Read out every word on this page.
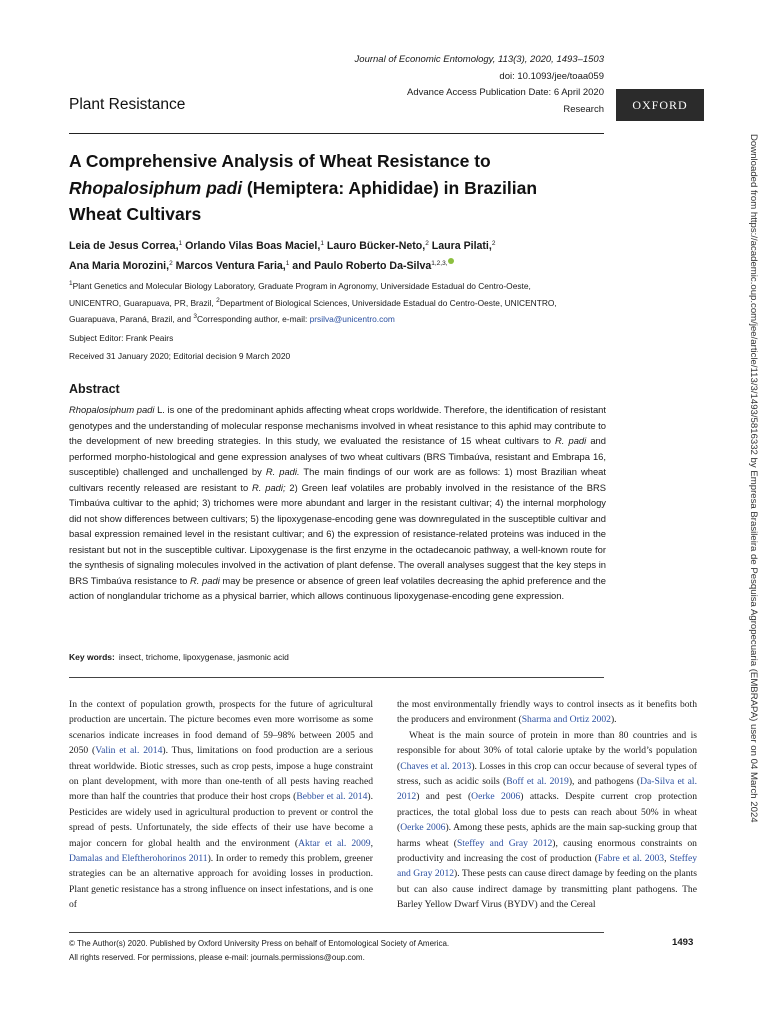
Journal of Economic Entomology, 113(3), 2020, 1493–1503
doi: 10.1093/jee/toaa059
Advance Access Publication Date: 6 April 2020
Research	OXFORD
Plant Resistance
A Comprehensive Analysis of Wheat Resistance to
Rhopalosiphum padi (Hemiptera: Aphididae) in Brazilian
Wheat Cultivars
Leia de Jesus Correa,$^1$ Orlando Vilas Boas Maciel,$^1$ Lauro Bücker-Neto,$^2$ Laura Pilati,$^2$
Ana Maria Morozini,$^2$ Marcos Ventura Faria,$^1$ and Paulo Roberto Da-Silva$^{1,2,3,}$
$^1$Plant Genetics and Molecular Biology Laboratory, Graduate Program in Agronomy, Universidade Estadual do Centro-Oeste,
UNICENTRO, Guarapuava, PR, Brazil, $^2$Department of Biological Sciences, Universidade Estadual do Centro-Oeste, UNICENTRO,
Guarapuava, Paraná, Brazil, and $^3$Corresponding author, e-mail: prsilva@unicentro.com
Subject Editor: Frank Peairs
Received 31 January 2020; Editorial decision 9 March 2020
Abstract
Rhopalosiphum padi L. is one of the predominant aphids affecting wheat crops worldwide. Therefore, the identification of resistant genotypes and the understanding of molecular response mechanisms involved in wheat resistance to this aphid may contribute to the development of new breeding strategies. In this study, we evaluated the resistance of 15 wheat cultivars to R. padi and performed morpho-histological and gene expression analyses of two wheat cultivars (BRS Timbaúva, resistant and Embrapa 16, susceptible) challenged and unchallenged by R. padi. The main findings of our work are as follows: 1) most Brazilian wheat cultivars recently released are resistant to R. padi; 2) Green leaf volatiles are probably involved in the resistance of the BRS Timbaúva cultivar to the aphid; 3) trichomes were more abundant and larger in the resistant cultivar; 4) the internal morphology did not show differences between cultivars; 5) the lipoxygenase-encoding gene was downregulated in the susceptible cultivar and basal expression remained level in the resistant cultivar; and 6) the expression of resistance-related proteins was induced in the resistant but not in the susceptible cultivar. Lipoxygenase is the first enzyme in the octadecanoic pathway, a well-known route for the synthesis of signaling molecules involved in the activation of plant defense. The overall analyses suggest that the key steps in BRS Timbaúva resistance to R. padi may be presence or absence of green leaf volatiles decreasing the aphid preference and the action of nonglandular trichome as a physical barrier, which allows continuous lipoxygenase-encoding gene expression.
Key words: insect, trichome, lipoxygenase, jasmonic acid

In the context of population growth, prospects for the future of agricultural production are uncertain. The picture becomes even more worrisome as some scenarios indicate increases in food demand of 59–98% between 2005 and 2050 (Valin et al. 2014). Thus, limitations on food production are a serious threat worldwide. Biotic stresses, such as crop pests, impose a huge constraint on plant development, with more than one-tenth of all pests having reached more than half the countries that produce their host crops (Bebber et al. 2014). Pesticides are widely used in agricultural production to prevent or control the spread of pests. Unfortunately, the side effects of their use have become a major concern for global health and the environment (Aktar et al. 2009, Damalas and Eleftherohorinos 2011). In order to remedy this problem, greener strategies can be an alternative approach for avoiding losses in production. Plant genetic resistance has a strong influence on insect infestations, and is one of

the most environmentally friendly ways to control insects as it benefits both the producers and environment (Sharma and Ortiz 2002).

Wheat is the main source of protein in more than 80 countries and is responsible for about 30% of total calorie uptake by the world’s population (Chaves et al. 2013). Losses in this crop can occur because of several types of stress, such as acidic soils (Boff et al. 2019), and pathogens (Da-Silva et al. 2012) and pest (Oerke 2006) attacks. Despite current crop protection practices, the total global loss due to pests can reach about 50% in wheat (Oerke 2006). Among these pests, aphids are the main sap-sucking group that harms wheat (Steffey and Gray 2012), causing enormous constraints on productivity and increasing the cost of production (Fabre et al. 2003, Steffey and Gray 2012). These pests can cause direct damage by feeding on the plants but can also cause indirect damage by transmitting plant pathogens. The Barley Yellow Dwarf Virus (BYDV) and the Cereal

© The Author(s) 2020. Published by Oxford University Press on behalf of Entomological Society of America.
All rights reserved. For permissions, please e-mail: journals.permissions@oup.com.
1493
Downloaded from https://academic.oup.com/jee/article/113/3/1493/5816332 by Empresa Brasileira de Pesquisa Agropecuaria (EMBRAPA) user on 04 March 2024
